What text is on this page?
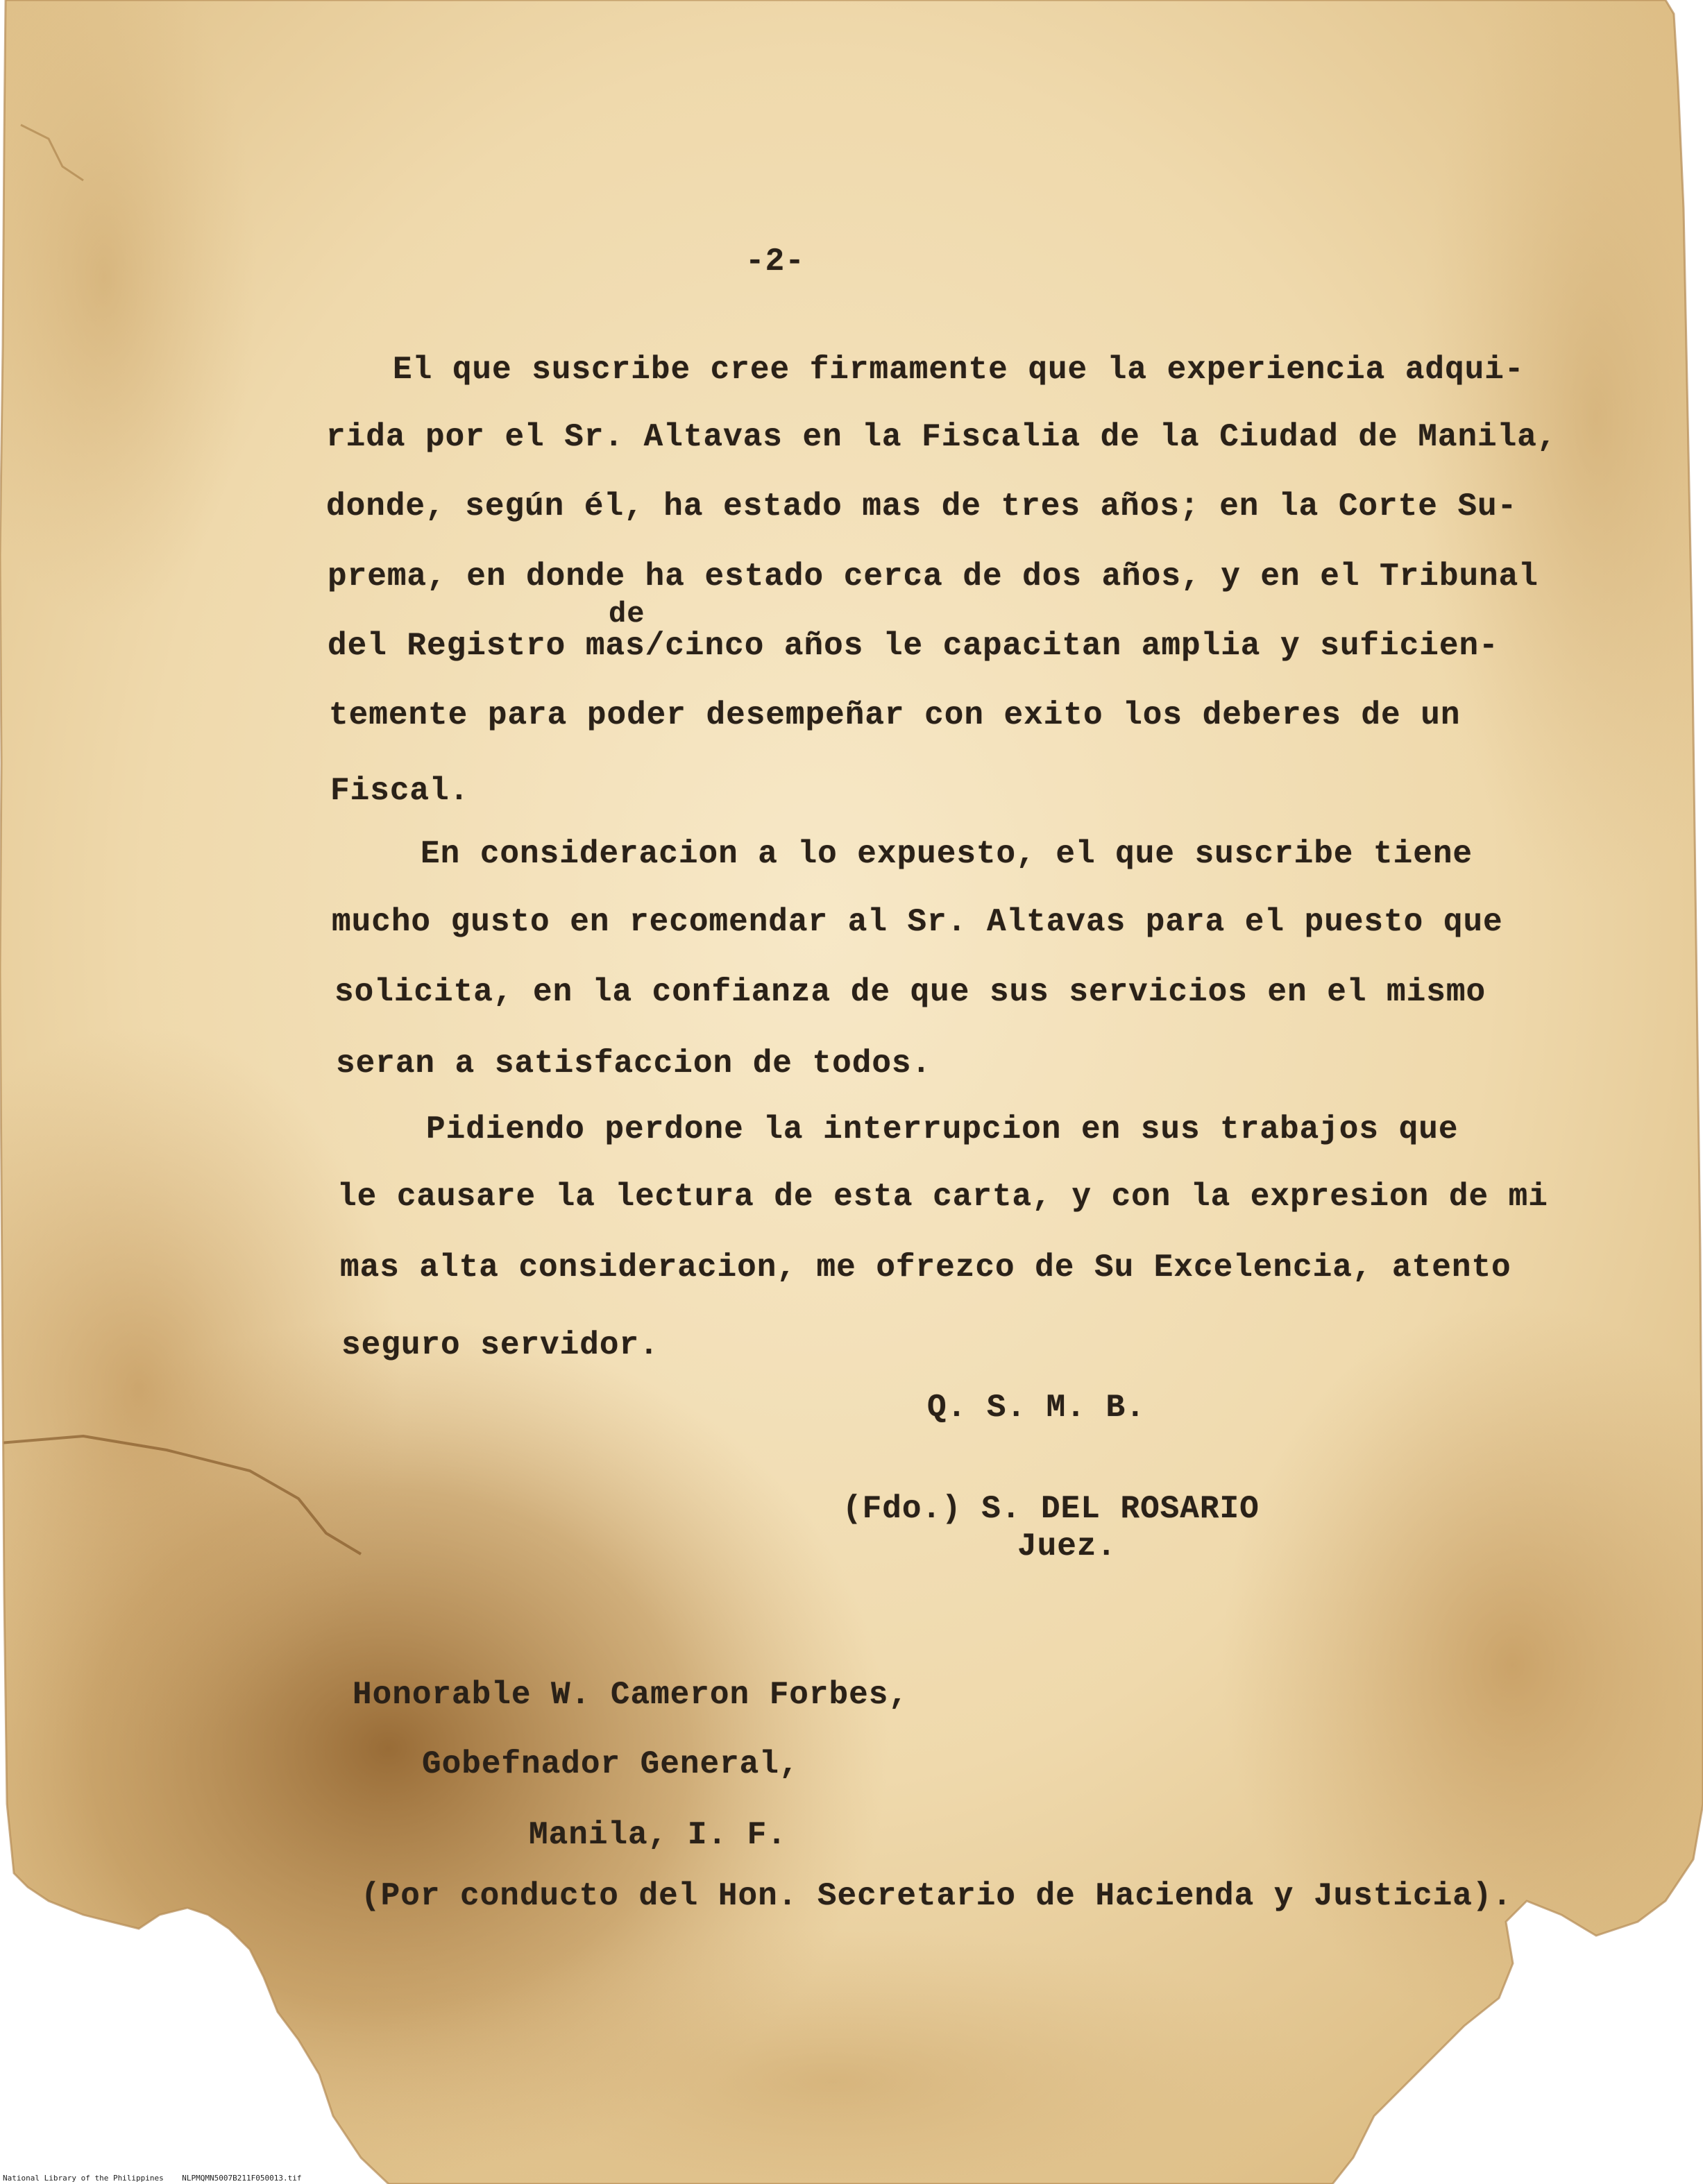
-2-
El que suscribe cree firmamente que la experiencia adqui-
rida por el Sr. Altavas en la Fiscalia de la Ciudad de Manila,
donde, según él, ha estado mas de tres años; en la Corte Su-
prema, en donde ha estado cerca de dos años, y en el Tribunal
de
del Registro mas/cinco años le capacitan amplia y suficien-
temente para poder desempeñar con exito los deberes de un
Fiscal.
En consideracion a lo expuesto, el que suscribe tiene
mucho gusto en recomendar al Sr. Altavas para el puesto que
solicita, en la confianza de que sus servicios en el mismo
seran a satisfaccion de todos.
Pidiendo perdone la interrupcion en sus trabajos que
le causare la lectura de esta carta, y con la expresion de mi
mas alta consideracion, me ofrezco de Su Excelencia, atento
seguro servidor.
Q. S. M. B.
(Fdo.) S. DEL ROSARIO
Juez.
Honorable W. Cameron Forbes,
Gobefnador General,
Manila, I. F.
(Por conducto del Hon. Secretario de Hacienda y Justicia).
National Library of the Philippines    NLPMQMN5007B211F050013.tif
